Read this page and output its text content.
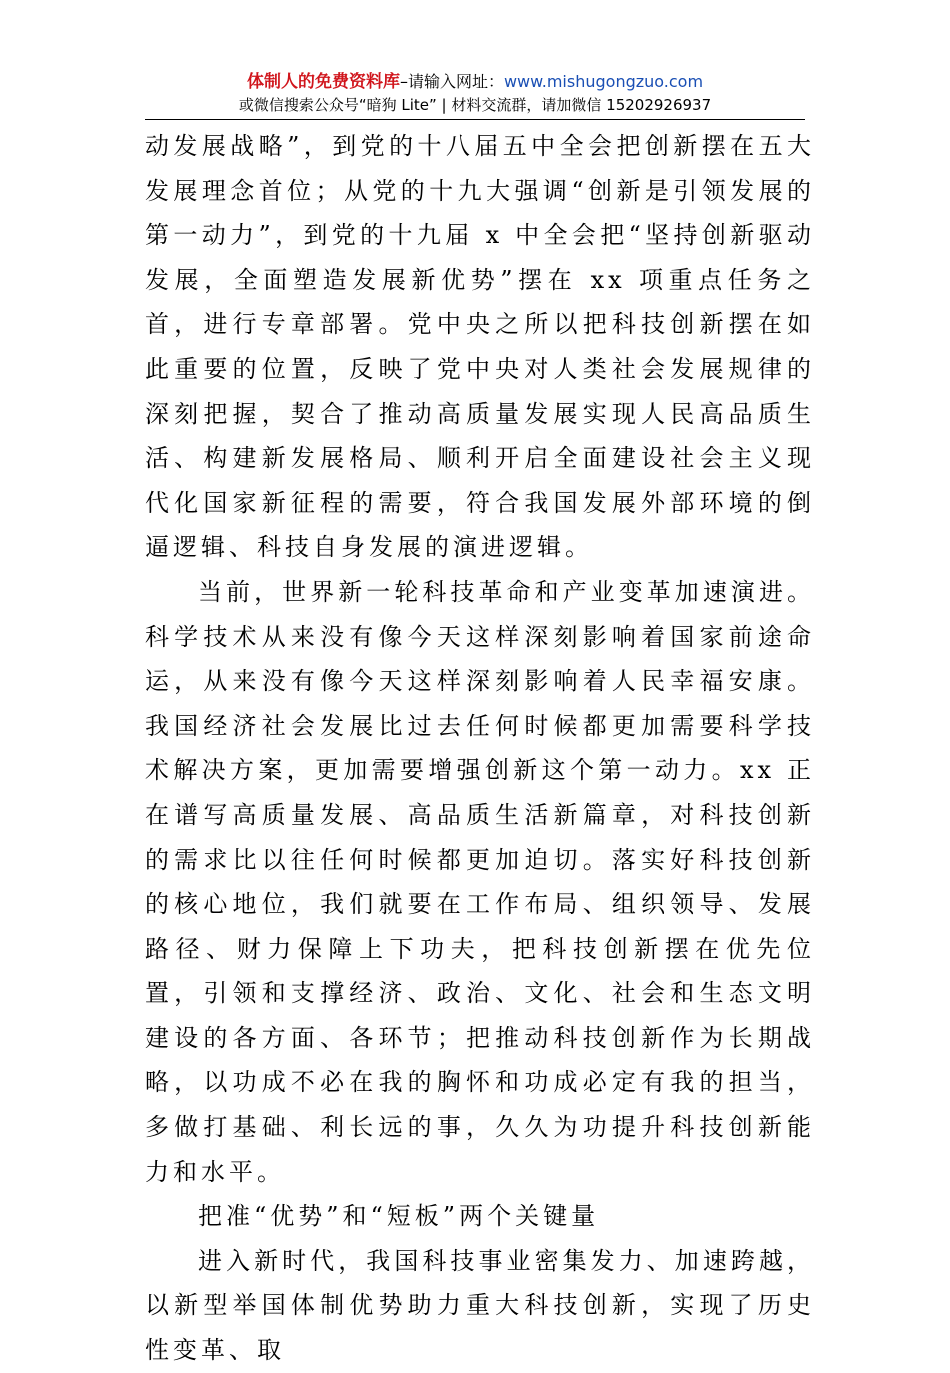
体制人的免费资料库–请输入网址：www.mishugongzuo.com
或微信搜索公众号“暗狗 Lite” | 材料交流群，请加微信 15202926937

动发展战略”，到党的十八届五中全会把创新摆在五大发展理念首位；从党的十九大强调“创新是引领发展的第一动力”，到党的十九届 x 中全会把“坚持创新驱动发展，全面塑造发展新优势”摆在 xx 项重点任务之首，进行专章部署。党中央之所以把科技创新摆在如此重要的位置，反映了党中央对人类社会发展规律的深刻把握，契合了推动高质量发展实现人民高品质生活、构建新发展格局、顺利开启全面建设社会主义现代化国家新征程的需要，符合我国发展外部环境的倒逼逻辑、科技自身发展的演进逻辑。

当前，世界新一轮科技革命和产业变革加速演进。科学技术从来没有像今天这样深刻影响着国家前途命运，从来没有像今天这样深刻影响着人民幸福安康。我国经济社会发展比过去任何时候都更加需要科学技术解决方案，更加需要增强创新这个第一动力。xx 正在谱写高质量发展、高品质生活新篇章，对科技创新的需求比以往任何时候都更加迫切。落实好科技创新的核心地位，我们就要在工作布局、组织领导、发展路径、财力保障上下功夫，把科技创新摆在优先位置，引领和支撑经济、政治、文化、社会和生态文明建设的各方面、各环节；把推动科技创新作为长期战略，以功成不必在我的胸怀和功成必定有我的担当，多做打基础、利长远的事，久久为功提升科技创新能力和水平。

把准“优势”和“短板”两个关键量

进入新时代，我国科技事业密集发力、加速跨越，以新型举国体制优势助力重大科技创新，实现了历史性变革、取
